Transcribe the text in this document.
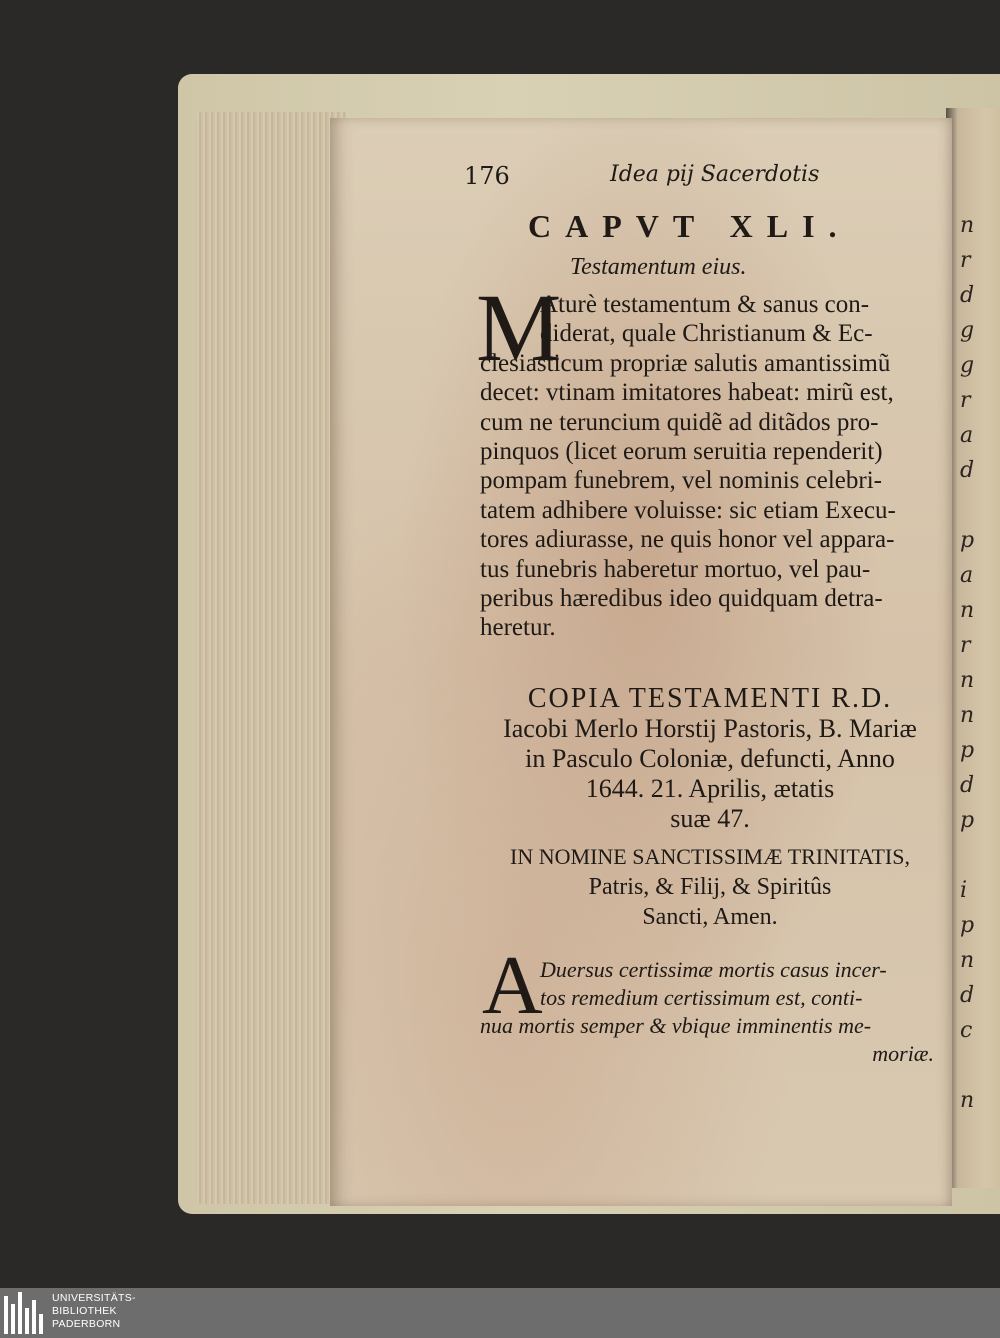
n
r
d
g
g
r
a
d

p
a
n
r
n
n
p
d
p

i
p
n
d
c

n
176	Idea pij Sacerdotis
CAPVT XLI.
Testamentum eius.
M
Aturè testamentum & sanus con-
diderat, quale Christianum & Ec-
clesiasticum propriæ salutis amantissimũ
decet: vtinam imitatores habeat: mirũ est,
cum ne teruncium quidẽ ad ditãdos pro-
pinquos (licet eorum seruitia rependerit)
pompam funebrem, vel nominis celebri-
tatem adhibere voluisse: sic etiam Execu-
tores adiurasse, ne quis honor vel appara-
tus funebris haberetur mortuo, vel pau-
peribus hæredibus ideo quidquam detra-
heretur.
COPIA TESTAMENTI R.D.
Iacobi Merlo Horstij Pastoris, B. Mariæ
in Pasculo Coloniæ, defuncti, Anno
1644. 21. Aprilis, ætatis
suæ 47.
IN NOMINE SANCTISSIMÆ TRINITATIS,
Patris, & Filij, & Spiritûs
Sancti, Amen.
A
Duersus certissimæ mortis casus incer-
tos remedium certissimum est, conti-
nua mortis semper & vbique imminentis me-
moriæ.
UNIVERSITÄTS-
BIBLIOTHEK
PADERBORN
